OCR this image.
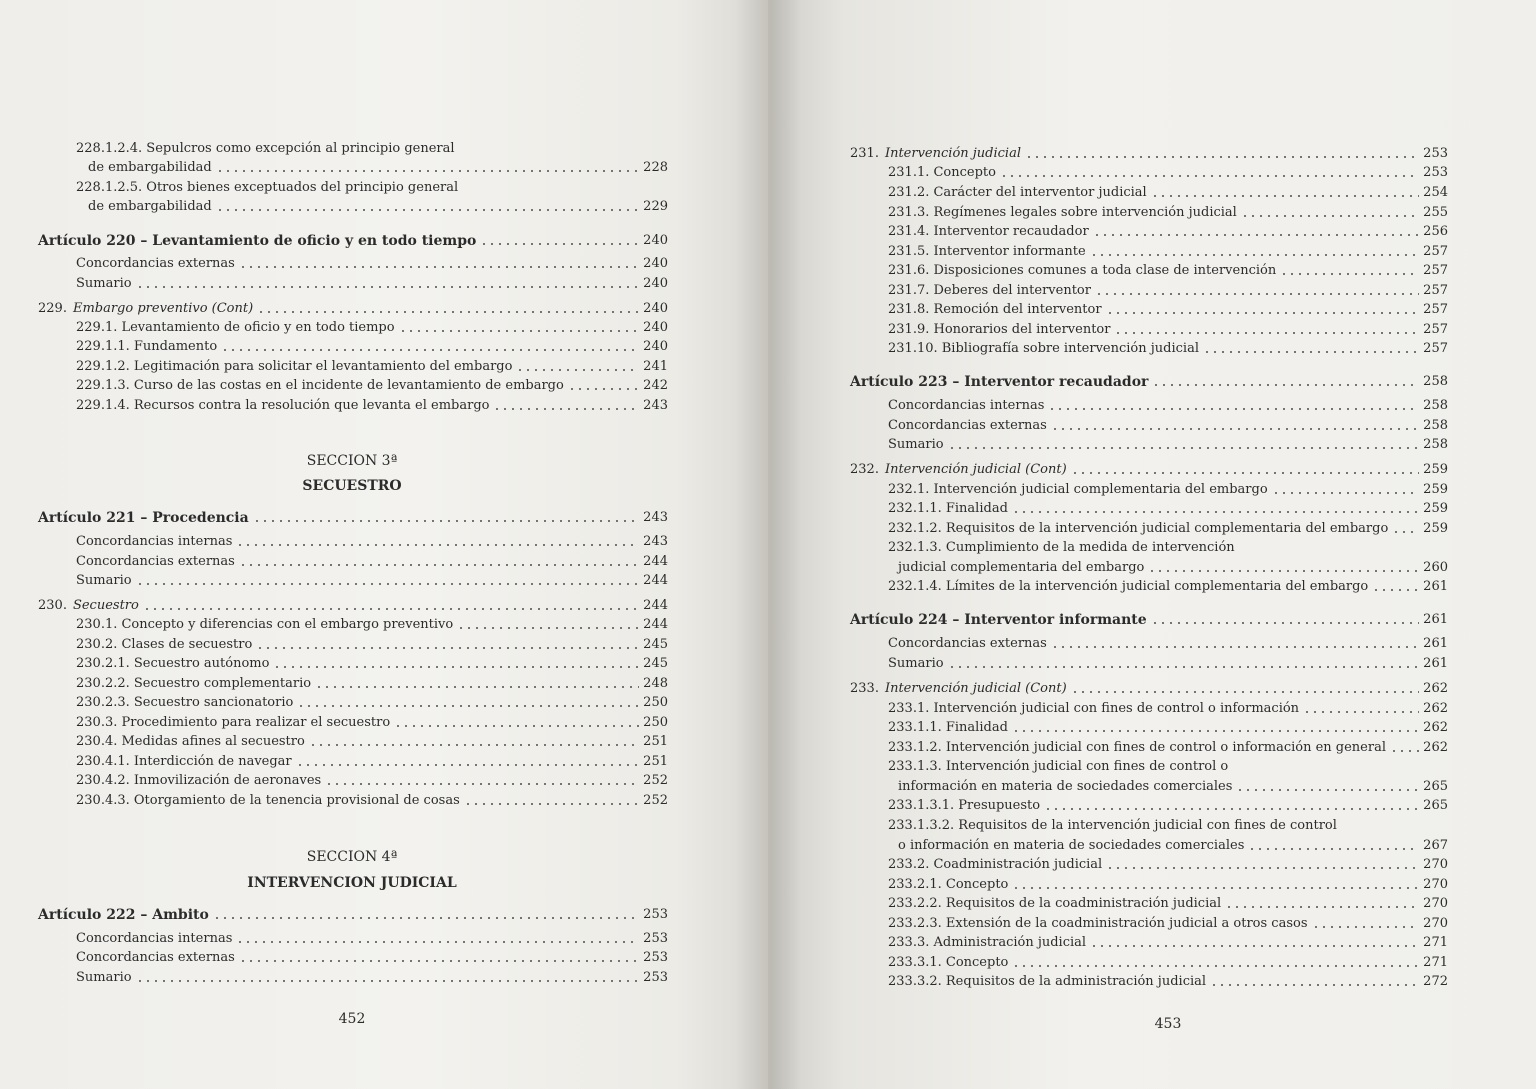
228.1.2.4. Sepulcros como excepción al principio general
de embargabilidad	228
228.1.2.5. Otros bienes exceptuados del principio general
de embargabilidad	229
Artículo 220 – Levantamiento de oficio y en todo tiempo	240
Concordancias externas	240
Sumario	240
229. Embargo preventivo (Cont)	240
229.1. Levantamiento de oficio y en todo tiempo	240
229.1.1. Fundamento	240
229.1.2. Legitimación para solicitar el levantamiento del embargo	241
229.1.3. Curso de las costas en el incidente de levantamiento de embargo	242
229.1.4. Recursos contra la resolución que levanta el embargo	243
SECCION 3ª
SECUESTRO
Artículo 221 – Procedencia	243
Concordancias internas	243
Concordancias externas	244
Sumario	244
230. Secuestro	244
230.1. Concepto y diferencias con el embargo preventivo	244
230.2. Clases de secuestro	245
230.2.1. Secuestro autónomo	245
230.2.2. Secuestro complementario	248
230.2.3. Secuestro sancionatorio	250
230.3. Procedimiento para realizar el secuestro	250
230.4. Medidas afines al secuestro	251
230.4.1. Interdicción de navegar	251
230.4.2. Inmovilización de aeronaves	252
230.4.3. Otorgamiento de la tenencia provisional de cosas	252
SECCION 4ª
INTERVENCION JUDICIAL
Artículo 222 – Ambito	253
Concordancias internas	253
Concordancias externas	253
Sumario	253
452
231. Intervención judicial	253
231.1. Concepto	253
231.2. Carácter del interventor judicial	254
231.3. Regímenes legales sobre intervención judicial	255
231.4. Interventor recaudador	256
231.5. Interventor informante	257
231.6. Disposiciones comunes a toda clase de intervención	257
231.7. Deberes del interventor	257
231.8. Remoción del interventor	257
231.9. Honorarios del interventor	257
231.10. Bibliografía sobre intervención judicial	257
Artículo 223 – Interventor recaudador	258
Concordancias internas	258
Concordancias externas	258
Sumario	258
232. Intervención judicial (Cont)	259
232.1. Intervención judicial complementaria del embargo	259
232.1.1. Finalidad	259
232.1.2. Requisitos de la intervención judicial complementaria del embargo	259
232.1.3. Cumplimiento de la medida de intervención
judicial complementaria del embargo	260
232.1.4. Límites de la intervención judicial complementaria del embargo	261
Artículo 224 – Interventor informante	261
Concordancias externas	261
Sumario	261
233. Intervención judicial (Cont)	262
233.1. Intervención judicial con fines de control o información	262
233.1.1. Finalidad	262
233.1.2. Intervención judicial con fines de control o información en general	262
233.1.3. Intervención judicial con fines de control o
información en materia de sociedades comerciales	265
233.1.3.1. Presupuesto	265
233.1.3.2. Requisitos de la intervención judicial con fines de control
o información en materia de sociedades comerciales	267
233.2. Coadministración judicial	270
233.2.1. Concepto	270
233.2.2. Requisitos de la coadministración judicial	270
233.2.3. Extensión de la coadministración judicial a otros casos	270
233.3. Administración judicial	271
233.3.1. Concepto	271
233.3.2. Requisitos de la administración judicial	272
453
